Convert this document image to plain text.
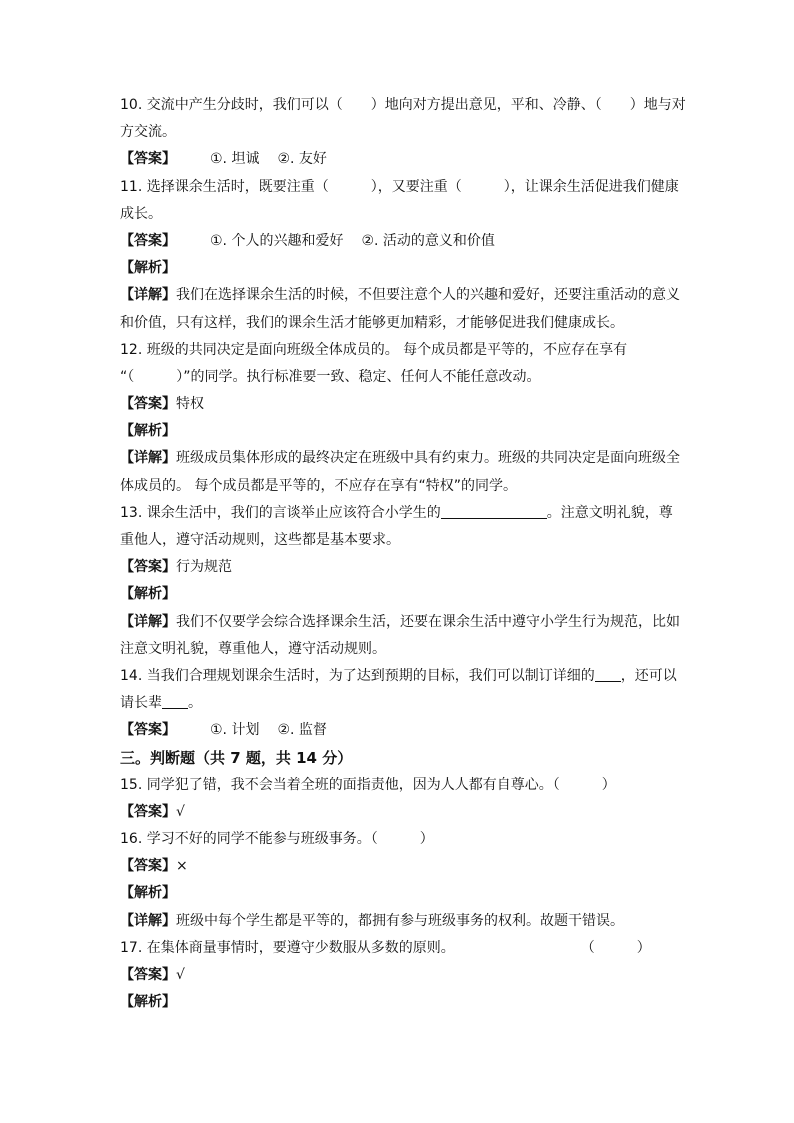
10. 交流中产生分歧时，我们可以（　　）地向对方提出意见，平和、冷静、（　　）地与对
方交流。
【答案】 ①. 坦诚 ②. 友好
11. 选择课余生活时，既要注重（　　　），又要注重（　　　），让课余生活促进我们健康
成长。
【答案】 ①. 个人的兴趣和爱好 ②. 活动的意义和价值
【解析】
【详解】我们在选择课余生活的时候，不但要注意个人的兴趣和爱好，还要注重活动的意义
和价值，只有这样，我们的课余生活才能够更加精彩，才能够促进我们健康成长。
12. 班级的共同决定是面向班级全体成员的。 每个成员都是平等的，不应存在享有
“（　　　）”的同学。执行标准要一致、稳定、任何人不能任意改动。
【答案】特权
【解析】
【详解】班级成员集体形成的最终决定在班级中具有约束力。班级的共同决定是面向班级全
体成员的。 每个成员都是平等的，不应存在享有“特权”的同学。
13. 课余生活中，我们的言谈举止应该符合小学生的	。注意文明礼貌，尊
重他人，遵守活动规则，这些都是基本要求。
【答案】行为规范
【解析】
【详解】我们不仅要学会综合选择课余生活，还要在课余生活中遵守小学生行为规范，比如
注意文明礼貌，尊重他人，遵守活动规则。
14. 当我们合理规划课余生活时，为了达到预期的目标，我们可以制订详细的 ，还可以
请长辈 。
【答案】 ①. 计划 ②. 监督
三。判断题（共 7 题，共 14 分）
15. 同学犯了错，我不会当着全班的面指责他，因为人人都有自尊心。（　　　）
【答案】√
16. 学习不好的同学不能参与班级事务。（　　　）
【答案】×
【解析】
【详解】班级中每个学生都是平等的，都拥有参与班级事务的权利。故题干错误。
17. 在集体商量事情时，要遵守少数服从多数的原则。	（　　　）
【答案】√
【解析】
